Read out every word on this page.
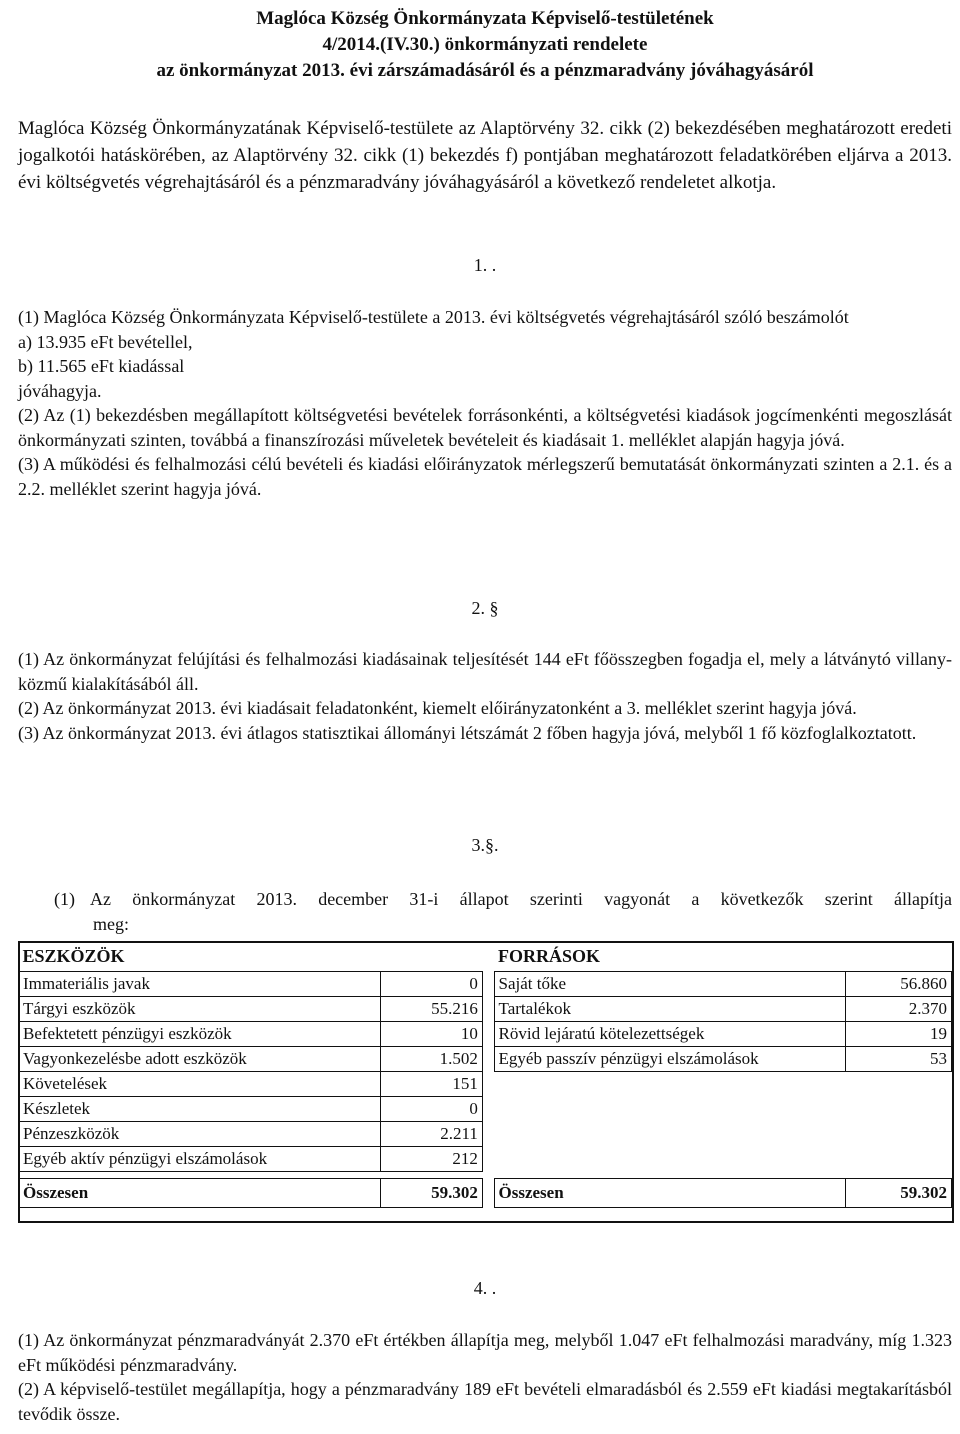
Maglóca Község Önkormányzata Képviselő-testületének
4/2014.(IV.30.) önkormányzati rendelete
az önkormányzat 2013. évi zárszámadásáról és a pénzmaradvány jóváhagyásáról
Maglóca Község Önkormányzatának Képviselő-testülete az Alaptörvény 32. cikk (2) bekezdésében meghatározott eredeti jogalkotói hatáskörében, az Alaptörvény 32. cikk (1) bekezdés f) pontjában meghatározott feladatkörében eljárva a 2013. évi költségvetés végrehajtásáról és a pénzmaradvány jóváhagyásáról a következő rendeletet alkotja.
1. .
(1) Maglóca Község Önkormányzata Képviselő-testülete a 2013. évi költségvetés végrehajtásáról szóló beszámolót
a) 13.935 eFt bevétellel,
b) 11.565 eFt kiadással
jóváhagyja.
(2) Az (1) bekezdésben megállapított költségvetési bevételek forrásonkénti, a költségvetési kiadások jogcímenkénti megoszlását önkormányzati szinten, továbbá a finanszírozási műveletek bevételeit és kiadásait 1. melléklet alapján hagyja jóvá.
(3) A működési és felhalmozási célú bevételi és kiadási előirányzatok mérlegszerű bemutatását önkormányzati szinten a 2.1. és a 2.2. melléklet szerint hagyja jóvá.
2. §
(1) Az önkormányzat felújítási és felhalmozási kiadásainak teljesítését 144 eFt főösszegben fogadja el, mely a látványtó villany-közmű kialakításából áll.
(2) Az önkormányzat 2013. évi kiadásait feladatonként, kiemelt előirányzatonként a 3. melléklet szerint hagyja jóvá.
(3) Az önkormányzat 2013. évi átlagos statisztikai állományi létszámát 2 főben hagyja jóvá, melyből 1 fő közfoglalkoztatott.
3.§.
(1) Az önkormányzat 2013. december 31-i állapot szerinti vagyonát a következők szerint állapítja
meg:
ESZKÖZÖK			FORRÁSOK	
Immateriális javak	0		Saját tőke	56.860
Tárgyi eszközök	55.216		Tartalékok	2.370
Befektetett pénzügyi eszközök	10		Rövid lejáratú kötelezettségek	19
Vagyonkezelésbe adott eszközök	1.502		Egyéb passzív pénzügyi elszámolások	53
Követelések	151			
Készletek	0			
Pénzeszközök	2.211			
Egyéb aktív pénzügyi elszámolások	212			

Összesen	59.302		Összesen	59.302
4. .
(1) Az önkormányzat pénzmaradványát 2.370 eFt értékben állapítja meg, melyből 1.047 eFt felhalmozási maradvány, míg 1.323 eFt működési pénzmaradvány.
(2) A képviselő-testület megállapítja, hogy a pénzmaradvány 189 eFt bevételi elmaradásból és 2.559 eFt kiadási megtakarításból tevődik össze.
